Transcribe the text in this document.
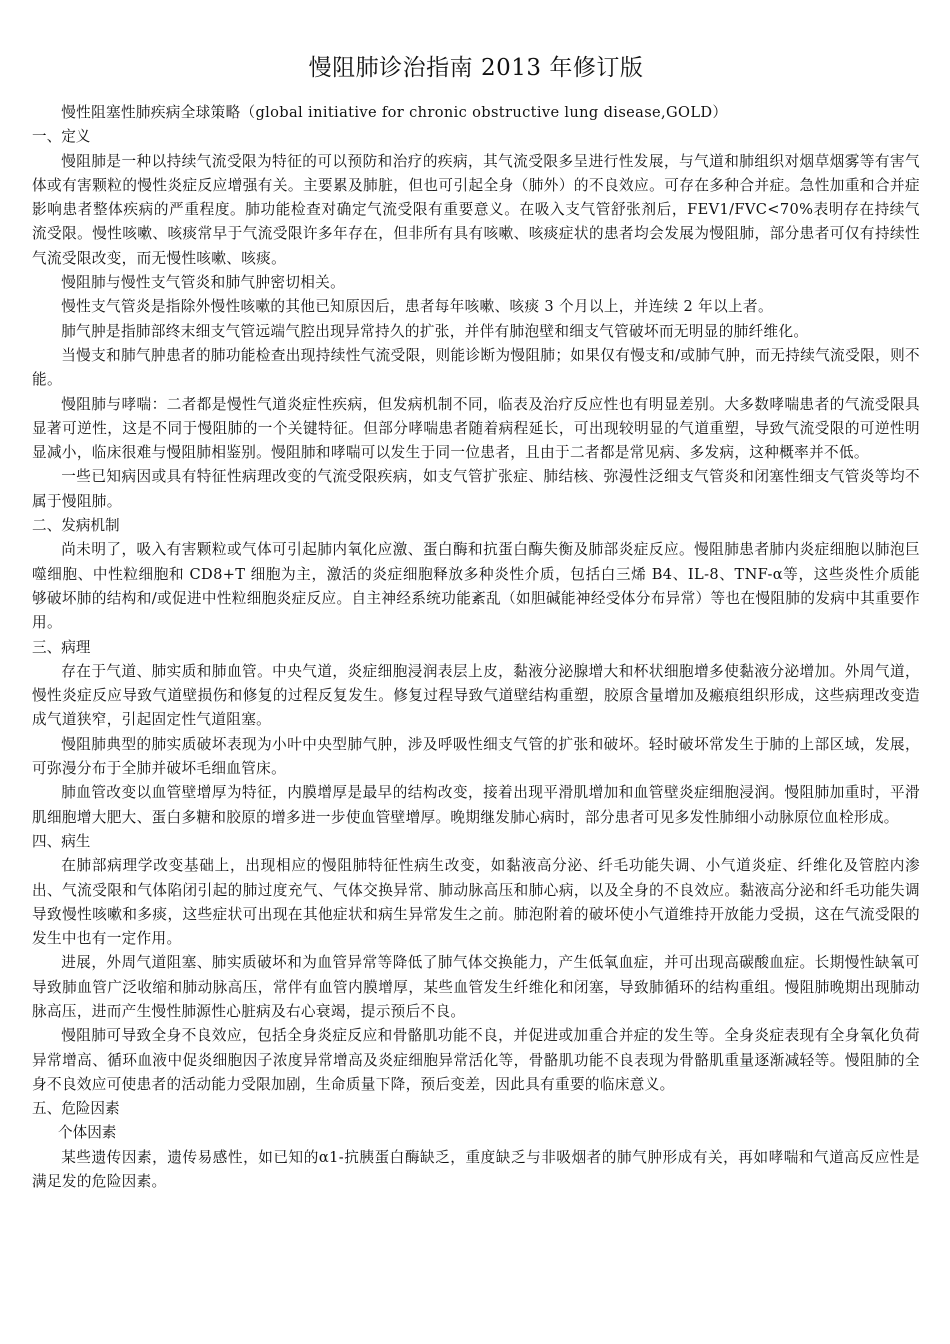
慢阻肺诊治指南 2013 年修订版

慢性阻塞性肺疾病全球策略（global initiative for chronic obstructive lung disease,GOLD）

一、定义

慢阻肺是一种以持续气流受限为特征的可以预防和治疗的疾病，其气流受限多呈进行性发展，与气道和肺组织对烟草烟雾等有害气体或有害颗粒的慢性炎症反应增强有关。主要累及肺脏，但也可引起全身（肺外）的不良效应。可存在多种合并症。急性加重和合并症影响患者整体疾病的严重程度。肺功能检查对确定气流受限有重要意义。在吸入支气管舒张剂后，FEV1/FVC<70%表明存在持续气流受限。慢性咳嗽、咳痰常早于气流受限许多年存在，但非所有具有咳嗽、咳痰症状的患者均会发展为慢阻肺，部分患者可仅有持续性气流受限改变，而无慢性咳嗽、咳痰。

慢阻肺与慢性支气管炎和肺气肿密切相关。

慢性支气管炎是指除外慢性咳嗽的其他已知原因后，患者每年咳嗽、咳痰 3 个月以上，并连续 2 年以上者。

肺气肿是指肺部终末细支气管远端气腔出现异常持久的扩张，并伴有肺泡壁和细支气管破坏而无明显的肺纤维化。

当慢支和肺气肿患者的肺功能检查出现持续性气流受限，则能诊断为慢阻肺；如果仅有慢支和/或肺气肿，而无持续气流受限，则不能。

慢阻肺与哮喘：二者都是慢性气道炎症性疾病，但发病机制不同，临表及治疗反应性也有明显差别。大多数哮喘患者的气流受限具显著可逆性，这是不同于慢阻肺的一个关键特征。但部分哮喘患者随着病程延长，可出现较明显的气道重塑，导致气流受限的可逆性明显减小，临床很难与慢阻肺相鉴别。慢阻肺和哮喘可以发生于同一位患者，且由于二者都是常见病、多发病，这种概率并不低。

一些已知病因或具有特征性病理改变的气流受限疾病，如支气管扩张症、肺结核、弥漫性泛细支气管炎和闭塞性细支气管炎等均不属于慢阻肺。

二、发病机制

尚未明了，吸入有害颗粒或气体可引起肺内氧化应激、蛋白酶和抗蛋白酶失衡及肺部炎症反应。慢阻肺患者肺内炎症细胞以肺泡巨噬细胞、中性粒细胞和 CD8+T 细胞为主，激活的炎症细胞释放多种炎性介质，包括白三烯 B4、IL-8、TNF-α等，这些炎性介质能够破坏肺的结构和/或促进中性粒细胞炎症反应。自主神经系统功能紊乱（如胆碱能神经受体分布异常）等也在慢阻肺的发病中其重要作用。

三、病理

存在于气道、肺实质和肺血管。中央气道，炎症细胞浸润表层上皮，黏液分泌腺增大和杯状细胞增多使黏液分泌增加。外周气道，慢性炎症反应导致气道壁损伤和修复的过程反复发生。修复过程导致气道壁结构重塑，胶原含量增加及瘢痕组织形成，这些病理改变造成气道狭窄，引起固定性气道阻塞。

慢阻肺典型的肺实质破坏表现为小叶中央型肺气肿，涉及呼吸性细支气管的扩张和破坏。轻时破坏常发生于肺的上部区域，发展，可弥漫分布于全肺并破坏毛细血管床。

肺血管改变以血管壁增厚为特征，内膜增厚是最早的结构改变，接着出现平滑肌增加和血管壁炎症细胞浸润。慢阻肺加重时，平滑肌细胞增大肥大、蛋白多糖和胶原的增多进一步使血管壁增厚。晚期继发肺心病时，部分患者可见多发性肺细小动脉原位血栓形成。

四、病生

在肺部病理学改变基础上，出现相应的慢阻肺特征性病生改变，如黏液高分泌、纤毛功能失调、小气道炎症、纤维化及管腔内渗出、气流受限和气体陷闭引起的肺过度充气、气体交换异常、肺动脉高压和肺心病，以及全身的不良效应。黏液高分泌和纤毛功能失调导致慢性咳嗽和多痰，这些症状可出现在其他症状和病生异常发生之前。肺泡附着的破坏使小气道维持开放能力受损，这在气流受限的发生中也有一定作用。

进展，外周气道阻塞、肺实质破坏和为血管异常等降低了肺气体交换能力，产生低氧血症，并可出现高碳酸血症。长期慢性缺氧可导致肺血管广泛收缩和肺动脉高压，常伴有血管内膜增厚，某些血管发生纤维化和闭塞，导致肺循环的结构重组。慢阻肺晚期出现肺动脉高压，进而产生慢性肺源性心脏病及右心衰竭，提示预后不良。

慢阻肺可导致全身不良效应，包括全身炎症反应和骨骼肌功能不良，并促进或加重合并症的发生等。全身炎症表现有全身氧化负荷异常增高、循环血液中促炎细胞因子浓度异常增高及炎症细胞异常活化等，骨骼肌功能不良表现为骨骼肌重量逐渐减轻等。慢阻肺的全身不良效应可使患者的活动能力受限加剧，生命质量下降，预后变差，因此具有重要的临床意义。

五、危险因素
个体因素

某些遗传因素，遗传易感性，如已知的α1-抗胰蛋白酶缺乏，重度缺乏与非吸烟者的肺气肿形成有关，再如哮喘和气道高反应性是满足发的危险因素。
